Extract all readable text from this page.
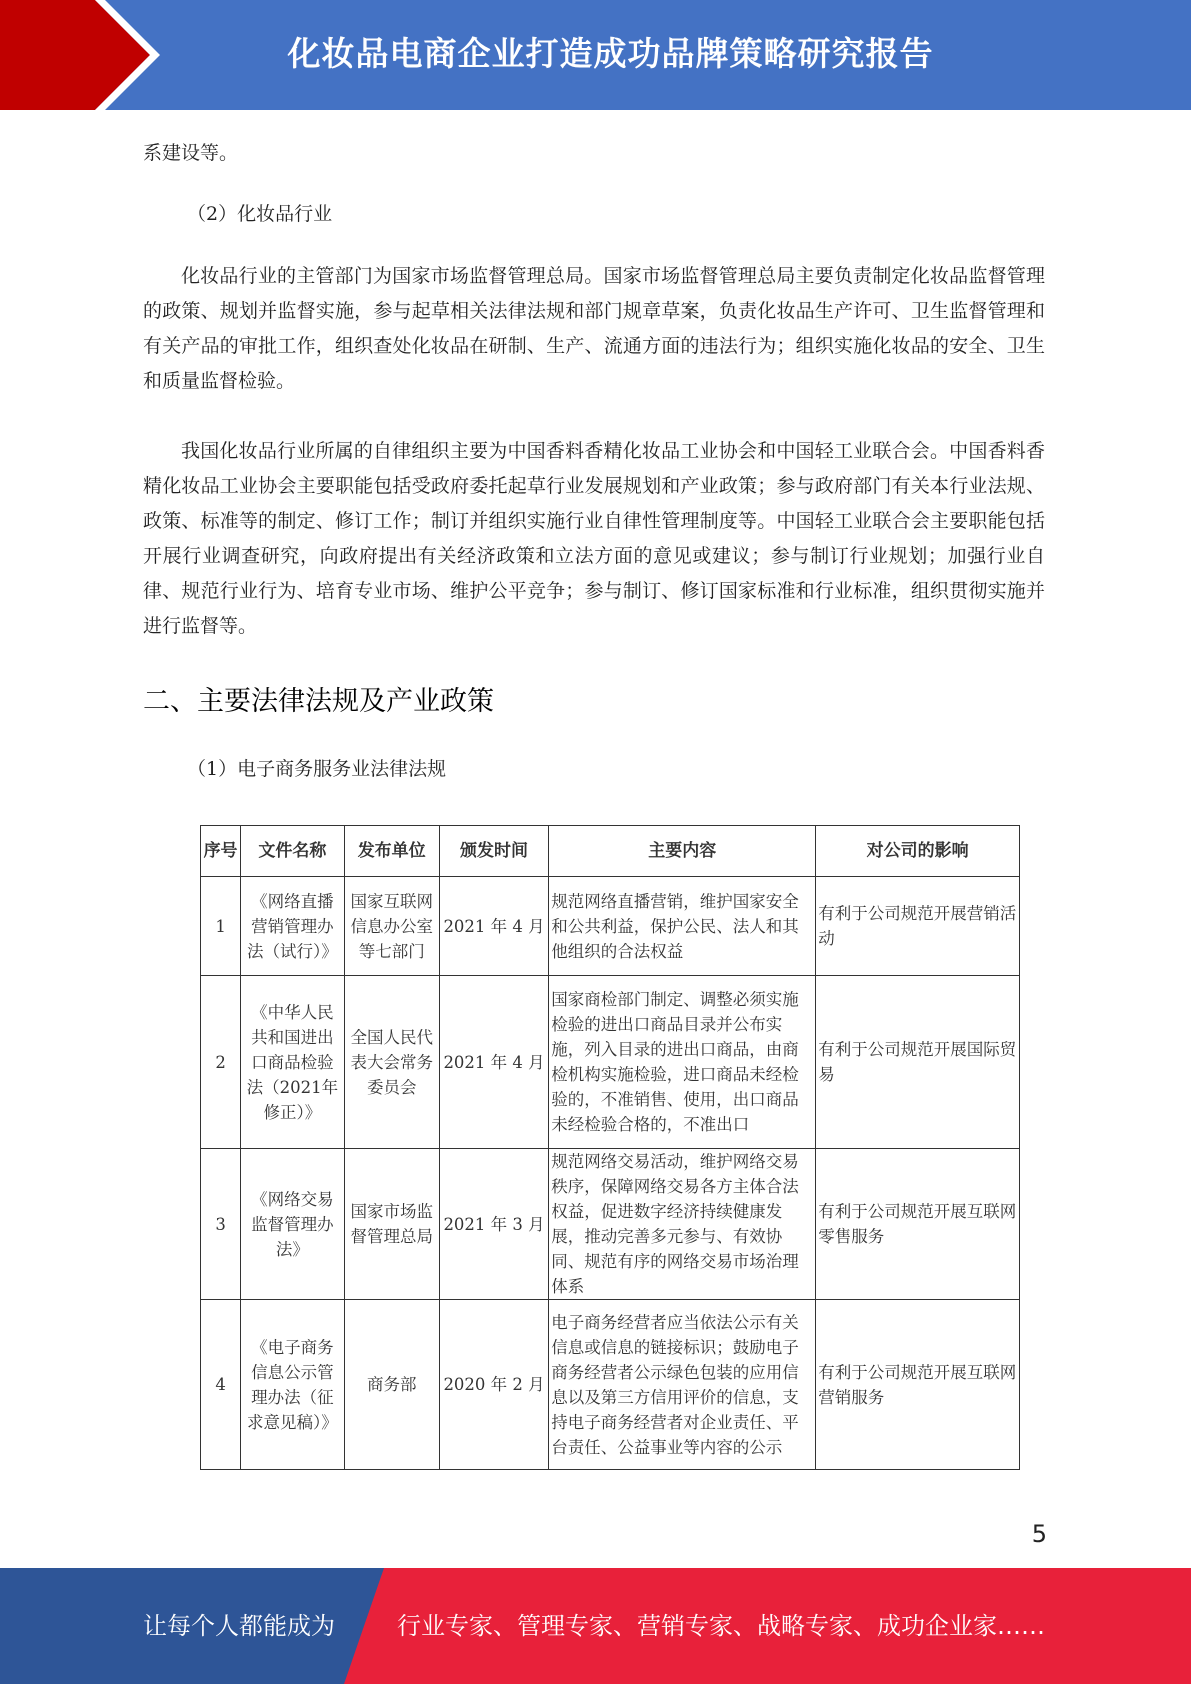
化妆品电商企业打造成功品牌策略研究报告

系建设等。

（2）化妆品行业

化妆品行业的主管部门为国家市场监督管理总局。国家市场监督管理总局主要负责制定化妆品监督管理的政策、规划并监督实施，参与起草相关法律法规和部门规章草案，负责化妆品生产许可、卫生监督管理和有关产品的审批工作，组织查处化妆品在研制、生产、流通方面的违法行为；组织实施化妆品的安全、卫生和质量监督检验。

我国化妆品行业所属的自律组织主要为中国香料香精化妆品工业协会和中国轻工业联合会。中国香料香精化妆品工业协会主要职能包括受政府委托起草行业发展规划和产业政策；参与政府部门有关本行业法规、政策、标准等的制定、修订工作；制订并组织实施行业自律性管理制度等。中国轻工业联合会主要职能包括开展行业调查研究，向政府提出有关经济政策和立法方面的意见或建议；参与制订行业规划；加强行业自律、规范行业行为、培育专业市场、维护公平竞争；参与制订、修订国家标准和行业标准，组织贯彻实施并进行监督等。

二、主要法律法规及产业政策

（1）电子商务服务业法律法规

序号	文件名称	发布单位	颁发时间	主要内容	对公司的影响
1	《网络直播营销管理办法（试行）》	国家互联网信息办公室等七部门	2021 年 4 月	规范网络直播营销，维护国家安全和公共利益，保护公民、法人和其他组织的合法权益	有利于公司规范开展营销活动
2	《中华人民共和国进出口商品检验法（2021年修正）》	全国人民代表大会常务委员会	2021 年 4 月	国家商检部门制定、调整必须实施检验的进出口商品目录并公布实施，列入目录的进出口商品，由商检机构实施检验，进口商品未经检验的，不准销售、使用，出口商品未经检验合格的，不准出口	有利于公司规范开展国际贸易
3	《网络交易监督管理办法》	国家市场监督管理总局	2021 年 3 月	规范网络交易活动，维护网络交易秩序，保障网络交易各方主体合法权益，促进数字经济持续健康发展，推动完善多元参与、有效协同、规范有序的网络交易市场治理体系	有利于公司规范开展互联网零售服务
4	《电子商务信息公示管理办法（征求意见稿）》	商务部	2020 年 2 月	电子商务经营者应当依法公示有关信息或信息的链接标识；鼓励电子商务经营者公示绿色包装的应用信息以及第三方信用评价的信息，支持电子商务经营者对企业责任、平台责任、公益事业等内容的公示	有利于公司规范开展互联网营销服务
5
让每个人都能成为	行业专家、管理专家、营销专家、战略专家、成功企业家……
